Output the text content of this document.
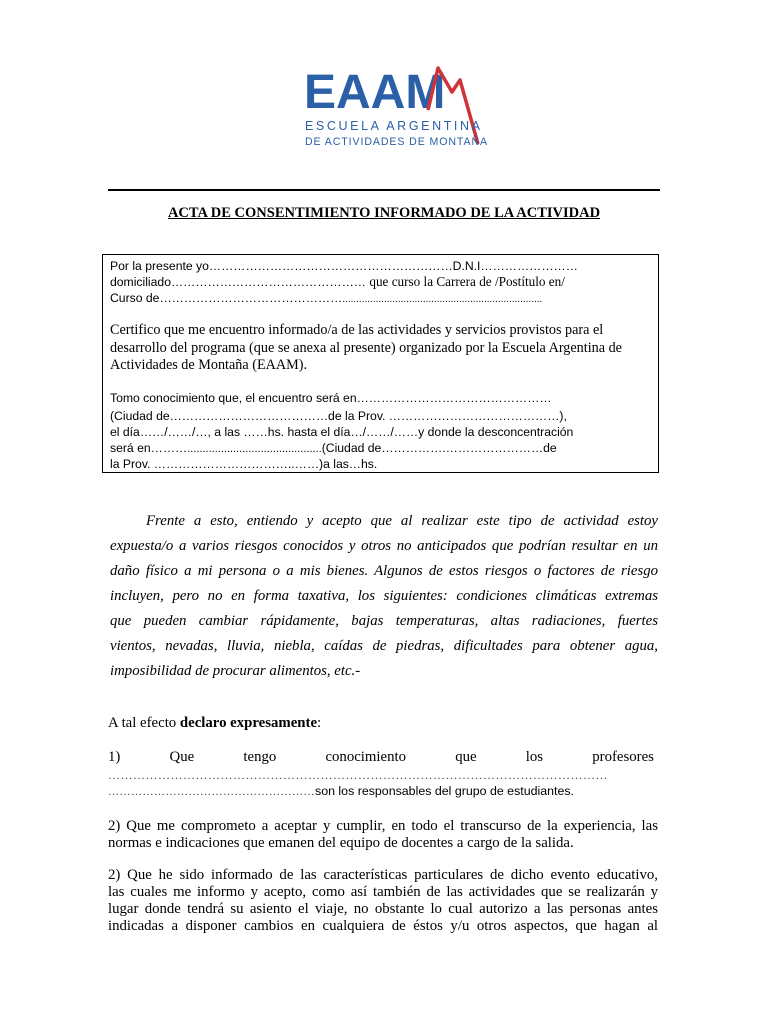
EAAM
ESCUELA ARGENTINA
DE ACTIVIDADES DE MONTAÑA
ACTA DE CONSENTIMIENTO INFORMADO DE LA ACTIVIDAD
Por la presente yo……………………………………………………D.N.I……………………
domiciliado………………………………………… que curso la Carrera de /Postítulo en/
Curso de………………………………………........................................................................
Certifico que me encuentro informado/a de las actividades y servicios provistos para el desarrollo del programa (que se anexa al presente) organizado por la Escuela Argentina de Actividades de Montaña (EAAM).
Tomo conocimiento que, el encuentro será en…………………………………………
(Ciudad de…………………………………de la Prov. ……………………………………),
el día……/……/…, a las ……hs. hasta el día…/……/……y donde la desconcentración
será en………............................................(Ciudad de…………….……………………de
la Prov. ……………………………..……)a las…hs.
Frente a esto, entiendo y acepto que al realizar este tipo de actividad estoy
expuesta/o a varios riesgos conocidos y otros no anticipados que podrían resultar en un
daño físico a mi persona o a mis bienes. Algunos de estos riesgos o factores de riesgo
incluyen, pero no en forma taxativa, los siguientes: condiciones climáticas extremas
que pueden cambiar rápidamente, bajas temperaturas, altas radiaciones, fuertes
vientos, nevadas, lluvia, niebla, caídas de piedras, dificultades para obtener agua,
imposibilidad de procurar alimentos, etc.-
A tal efecto declaro expresamente:
1)	Que	tengo	conocimiento	que	los	profesores
…………………………………………………………………………………………………………
………………………………………………son los responsables del grupo de estudiantes.
2) Que me comprometo a aceptar y cumplir, en todo el transcurso de la experiencia, las
normas e indicaciones que emanen del equipo de docentes a cargo de la salida.
2) Que he sido informado de las características particulares de dicho evento educativo,
las cuales me informo y acepto, como así también de las actividades que se realizarán y
lugar donde tendrá su asiento el viaje, no obstante lo cual autorizo a las personas antes
indicadas a disponer cambios en cualquiera de éstos y/u otros aspectos, que hagan al
